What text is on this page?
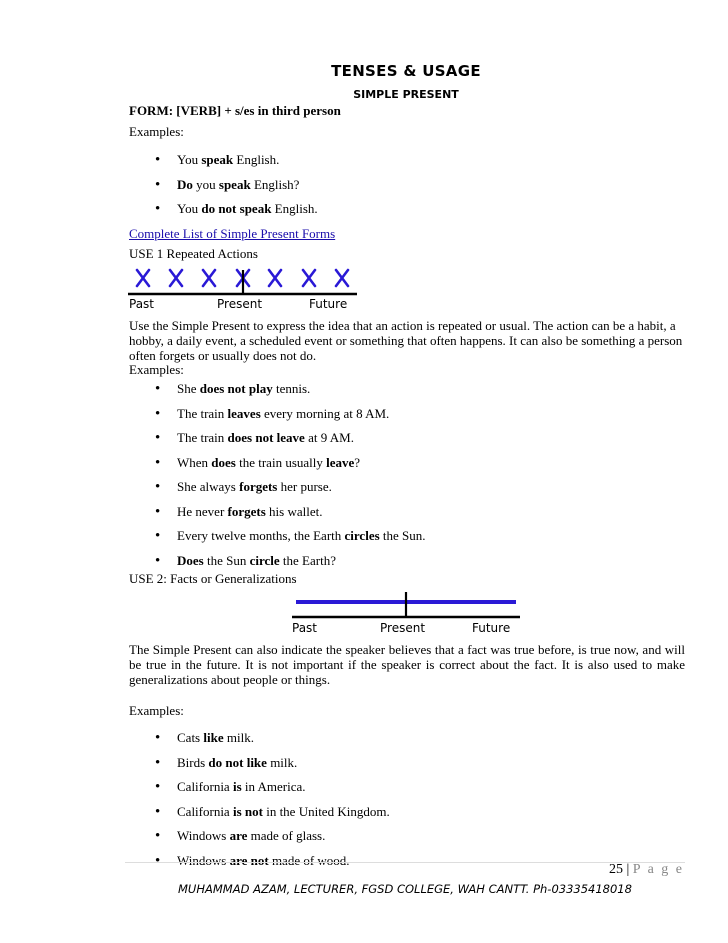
TENSES & USAGE
SIMPLE PRESENT
FORM: [VERB] + s/es in third person
Examples:
• You speak English.
• Do you speak English?
• You do not speak English.
Complete List of Simple Present Forms
USE 1 Repeated Actions
Past	Present	Future
Use the Simple Present to express the idea that an action is repeated or usual. The action can be a habit, a hobby, a daily event, a scheduled event or something that often happens. It can also be something a person often forgets or usually does not do.
Examples:
• She does not play tennis.
• The train leaves every morning at 8 AM.
• The train does not leave at 9 AM.
• When does the train usually leave?
• She always forgets her purse.
• He never forgets his wallet.
• Every twelve months, the Earth circles the Sun.
• Does the Sun circle the Earth?
USE 2: Facts or Generalizations
Past	Present	Future
The Simple Present can also indicate the speaker believes that a fact was true before, is true now, and will be true in the future. It is not important if the speaker is correct about the fact. It is also used to make generalizations about people or things.
Examples:
• Cats like milk.
• Birds do not like milk.
• California is in America.
• California is not in the United Kingdom.
• Windows are made of glass.
• Windows are not made of wood.
25 | P a g e
MUHAMMAD AZAM, LECTURER, FGSD COLLEGE, WAH CANTT. Ph-03335418018
